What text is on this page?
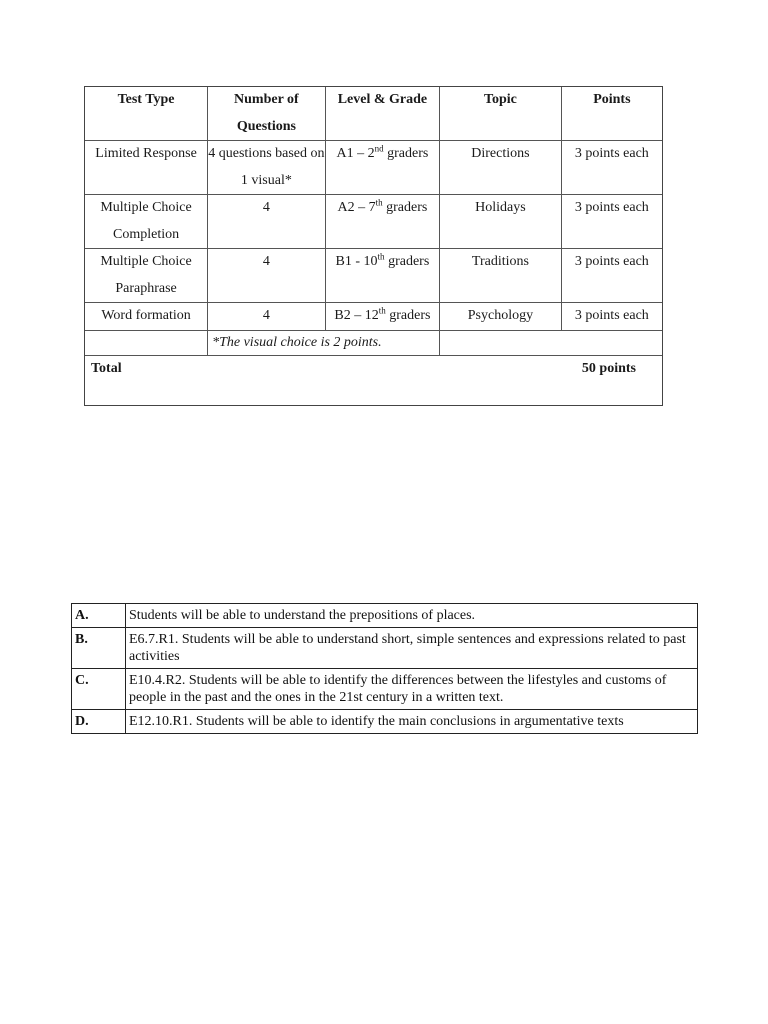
Test Type	Number of Questions	Level & Grade	Topic	Points
Limited Response	4 questions based on 1 visual*	A1 – 2nd graders	Directions	3 points each
Multiple Choice Completion	4	A2 – 7th graders	Holidays	3 points each
Multiple Choice Paraphrase	4	B1 - 10th graders	Traditions	3 points each
Word formation	4	B2 – 12th graders	Psychology	3 points each
	*The visual choice is 2 points.			
Total				50 points
A.	Students will be able to understand the prepositions of places.
B.	E6.7.R1. Students will be able to understand short, simple sentences and expressions related to past activities
C.	E10.4.R2. Students will be able to identify the differences between the lifestyles and customs of people in the past and the ones in the 21st century in a written text.
D.	E12.10.R1. Students will be able to identify the main conclusions in argumentative texts
